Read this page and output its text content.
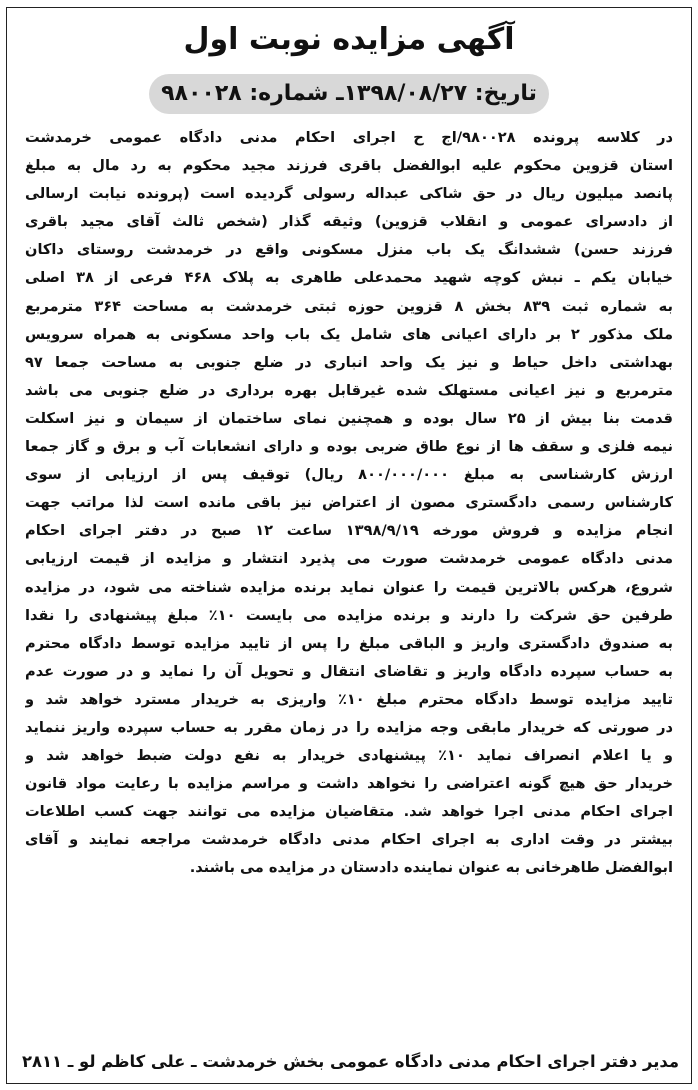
آگهی مزایده نوبت اول
تاریخ: ۱۳۹۸/۰۸/۲۷ـ شماره: ۹۸۰۰۲۸
در کلاسه پرونده ۹۸۰۰۲۸/اج ح اجرای احکام مدنی دادگاه عمومی خرمدشت
استان قزوین محکوم علیه ابوالفضل باقری فرزند مجید محکوم به رد مال به مبلغ
پانصد میلیون ریال در حق شاکی عبداله رسولی گردیده است (پرونده نیابت ارسالی
از دادسرای عمومی و انقلاب قزوین) وثیقه گذار (شخص ثالث آقای مجید باقری
فرزند حسن) ششدانگ یک باب منزل مسکونی واقع در خرمدشت روستای داکان
خیابان یکم ـ نبش کوچه شهید محمدعلی طاهری به پلاک ۴۶۸ فرعی از ۳۸ اصلی
به شماره ثبت ۸۳۹ بخش ۸ قزوین حوزه ثبتی خرمدشت به مساحت ۳۶۴ مترمربع
ملک مذکور ۲ بر دارای اعیانی های شامل یک باب واحد مسکونی به همراه سرویس
بهداشتی داخل حیاط و نیز یک واحد انباری در ضلع جنوبی به مساحت جمعا ۹۷
مترمربع و نیز اعیانی مستهلک شده غیرقابل بهره برداری در ضلع جنوبی می باشد
قدمت بنا بیش از ۲۵ سال بوده و همچنین نمای ساختمان از سیمان و نیز اسکلت
نیمه فلزی و سقف ها از نوع طاق ضربی بوده و دارای انشعابات آب و برق و گاز جمعا
ارزش کارشناسی به مبلغ ۸۰۰/۰۰۰/۰۰۰ ریال) توقیف پس از ارزیابی از سوی
کارشناس رسمی دادگستری مصون از اعتراض نیز باقی مانده است لذا مراتب جهت
انجام مزایده و فروش مورخه ۱۳۹۸/۹/۱۹ ساعت ۱۲ صبح در دفتر اجرای احکام
مدنی دادگاه عمومی خرمدشت صورت می پذیرد انتشار و مزایده از قیمت ارزیابی
شروع، هرکس بالاترین قیمت را عنوان نماید برنده مزایده شناخته می شود، در مزایده
طرفین حق شرکت را دارند و برنده مزایده می بایست ۱۰٪ مبلغ پیشنهادی را نقدا
به صندوق دادگستری واریز و الباقی مبلغ را پس از تایید مزایده توسط دادگاه محترم
به حساب سپرده دادگاه واریز و تقاضای انتقال و تحویل آن را نماید و در صورت عدم
تایید مزایده توسط دادگاه محترم مبلغ ۱۰٪ واریزی به خریدار مسترد خواهد شد و
در صورتی که خریدار مابقی وجه مزایده را در زمان مقرر به حساب سپرده واریز ننماید
و یا اعلام انصراف نماید ۱۰٪ پیشنهادی خریدار به نفع دولت ضبط خواهد شد و
خریدار حق هیچ گونه اعتراضی را نخواهد داشت و مراسم مزایده با رعایت مواد قانون
اجرای احکام مدنی اجرا خواهد شد. متقاضیان مزایده می توانند جهت کسب اطلاعات
بیشتر در وقت اداری به اجرای احکام مدنی دادگاه خرمدشت مراجعه نمایند و آقای
ابوالفضل طاهرخانی به عنوان نماینده دادستان در مزایده می باشند.
مدیر دفتر اجرای احکام مدنی دادگاه عمومی بخش خرمدشت ـ علی کاظم لو ـ ۲۸۱۱
